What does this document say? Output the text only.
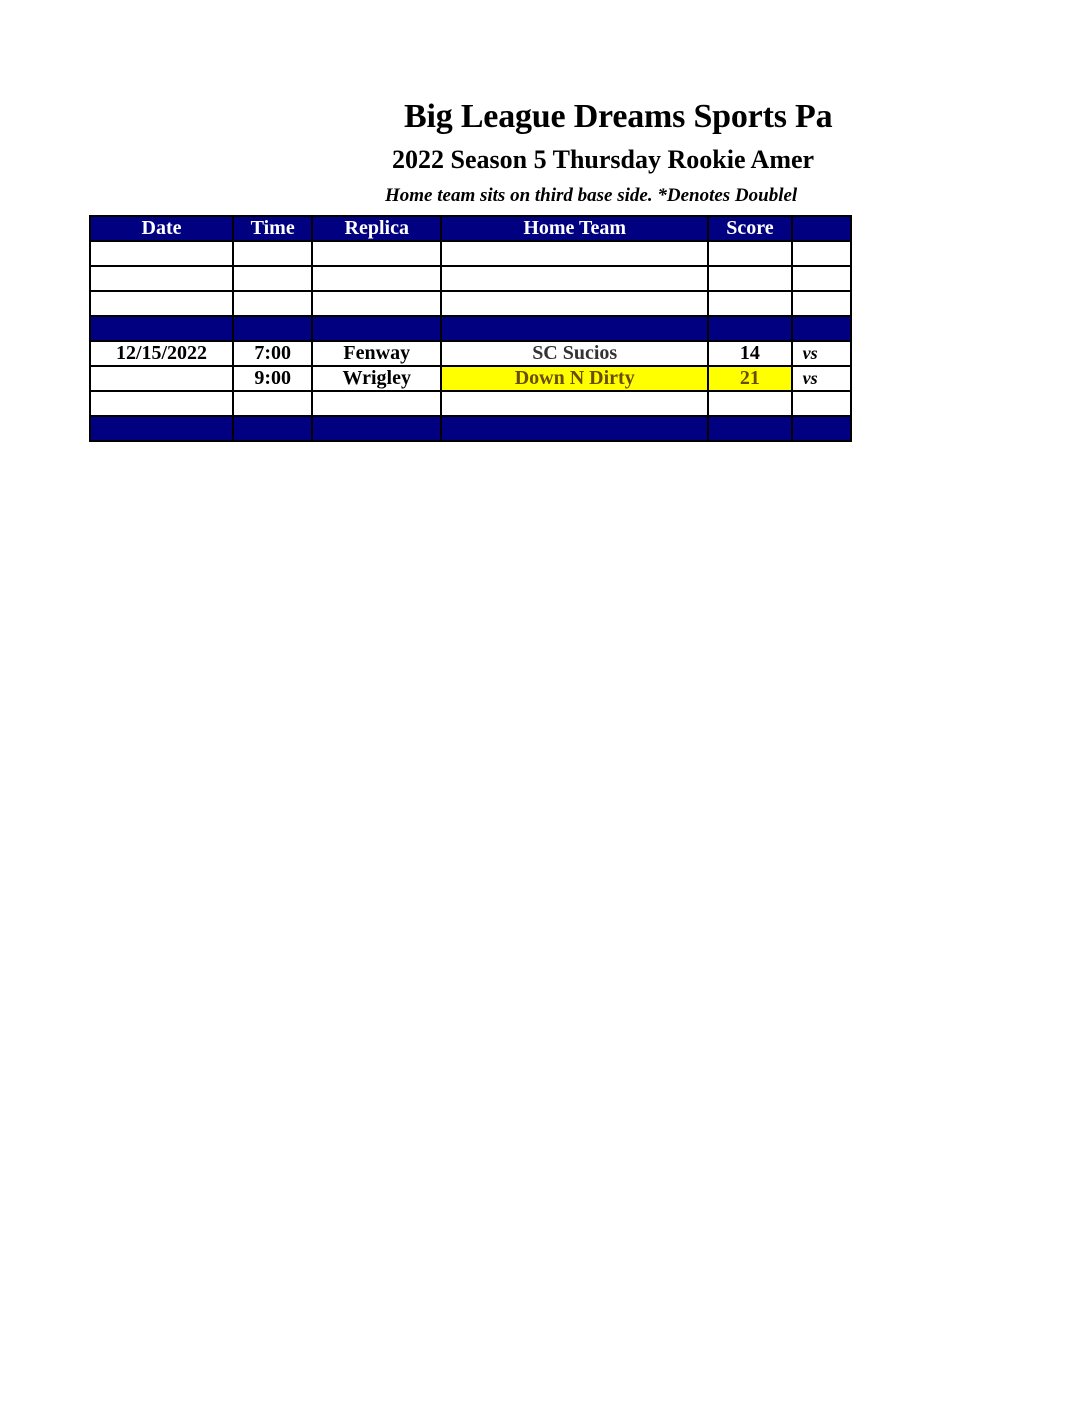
Big League Dreams Sports Pa
2022 Season 5 Thursday Rookie Amer
Home team sits on third base side. *Denotes Doublel
Date	Time	Replica	Home Team	Score	

12/15/2022	7:00	Fenway	SC Sucios	14	vs
	9:00	Wrigley	Down N Dirty	21	vs
